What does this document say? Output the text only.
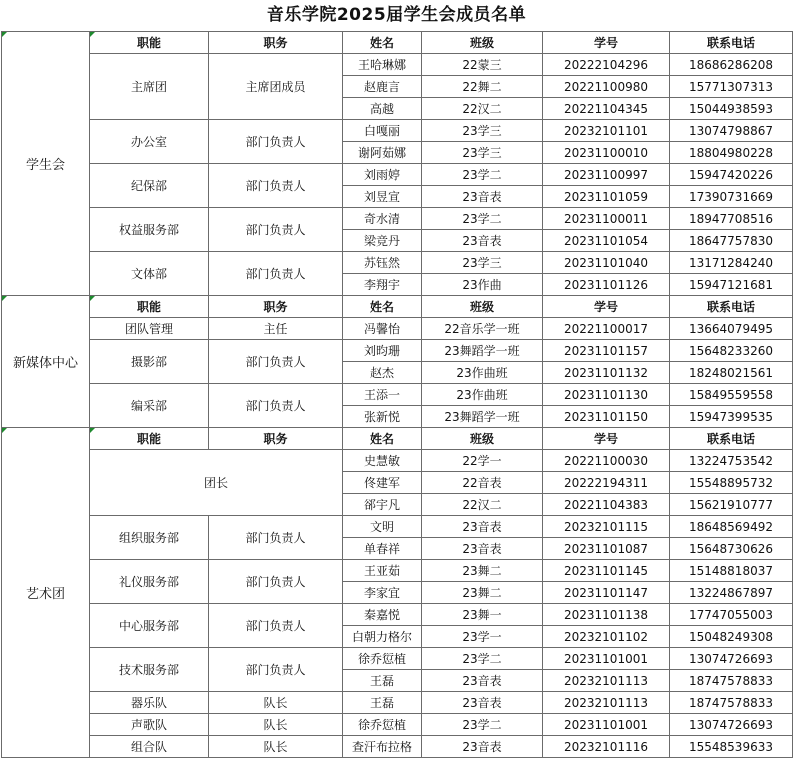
音乐学院2025届学生会成员名单
学生会	职能	职务	姓名	班级	学号	联系电话
	主席团	主席团成员	王哈琳娜	22蒙三	20222104296	18686286208
			赵鹿言	22舞二	20221100980	15771307313
			高越	22汉二	20221104345	15044938593
	办公室	部门负责人	白嘎丽	23学三	20232101101	13074798867
			谢阿茹娜	23学三	20231100010	18804980228
	纪保部	部门负责人	刘雨婷	23学二	20231100997	15947420226
			刘昱宣	23音表	20231101059	17390731669
	权益服务部	部门负责人	奇水清	23学二	20231100011	18947708516
			梁竞丹	23音表	20231101054	18647757830
	文体部	部门负责人	苏钰然	23学三	20231101040	13171284240
			李翔宇	23作曲	20231101126	15947121681
新媒体中心	职能	职务	姓名	班级	学号	联系电话
	团队管理	主任	冯馨怡	22音乐学一班	20221100017	13664079495
	摄影部	部门负责人	刘昀珊	23舞蹈学一班	20231101157	15648233260
			赵杰	23作曲班	20231101132	18248021561
	编采部	部门负责人	王添一	23作曲班	20231101130	15849559558
			张新悦	23舞蹈学一班	20231101150	15947399535
艺术团	职能	职务	姓名	班级	学号	联系电话
	团长		史慧敏	22学一	20221100030	13224753542
			佟建军	22音表	20222194311	15548895732
			郤宇凡	22汉二	20221104383	15621910777
	组织服务部	部门负责人	文明	23音表	20232101115	18648569492
			单春祥	23音表	20231101087	15648730626
	礼仪服务部	部门负责人	王亚茹	23舞二	20231101145	15148818037
			李家宜	23舞二	20231101147	13224867897
	中心服务部	部门负责人	秦嘉悦	23舞一	20231101138	17747055003
			白朝力格尔	23学一	20232101102	15048249308
	技术服务部	部门负责人	徐乔愆植	23学二	20231101001	13074726693
			王磊	23音表	20232101113	18747578833
	器乐队	队长	王磊	23音表	20232101113	18747578833
	声歌队	队长	徐乔愆植	23学二	20231101001	13074726693
	组合队	队长	查汗布拉格	23音表	20232101116	15548539633
